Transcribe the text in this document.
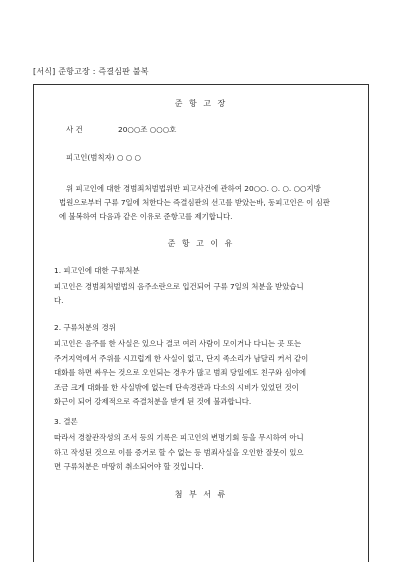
[서식] 준항고장 : 즉결심판 불복
준 항 고 장
사 건	20○○조 ○○○호
피고인(범칙자) ○ ○ ○
위 피고인에 대한 경범죄처벌법위반 피고사건에 관하여 20○○. ○. ○. ○○지방
법원으로부터 구류 7일에 처한다는 즉결심판의 선고를 받았는바, 동피고인은 이 심판
에 불복하여 다음과 같은 이유로 준항고를 제기합니다.
준 항 고 이 유
1. 피고인에 대한 구류처분
피고인은 경범죄처벌법의 음주소란으로 입건되어 구류 7일의 처분을 받았습니
다.
2. 구류처분의 경위
피고인은 음주를 한 사실은 있으나 결코 여러 사람이 모이거나 다니는 곳 또는
주거지역에서 주위를 시끄럽게 한 사실이 없고, 단지 족소리가 남달리 커서 같이
대화를 하면 싸우는 것으로 오인되는 경우가 많고 범죄 당일에도 친구와 심야에
조금 크게 대화를 한 사실밖에 없는데 단속경관과 다소의 시비가 있었던 것이
화근이 되어 강제적으로 즉결처분을 받게 된 것에 불과합니다.
3. 결론
따라서 경찰관작성의 조서 등의 기록은 피고인의 변명기회 등을 무시하여 아니
하고 작성된 것으로 이를 증거로 할 수 없는 등 범죄사실을 오인한 잘못이 있으
면 구류처분은 마땅히 취소되어야 할 것입니다.
첨 부 서 류
